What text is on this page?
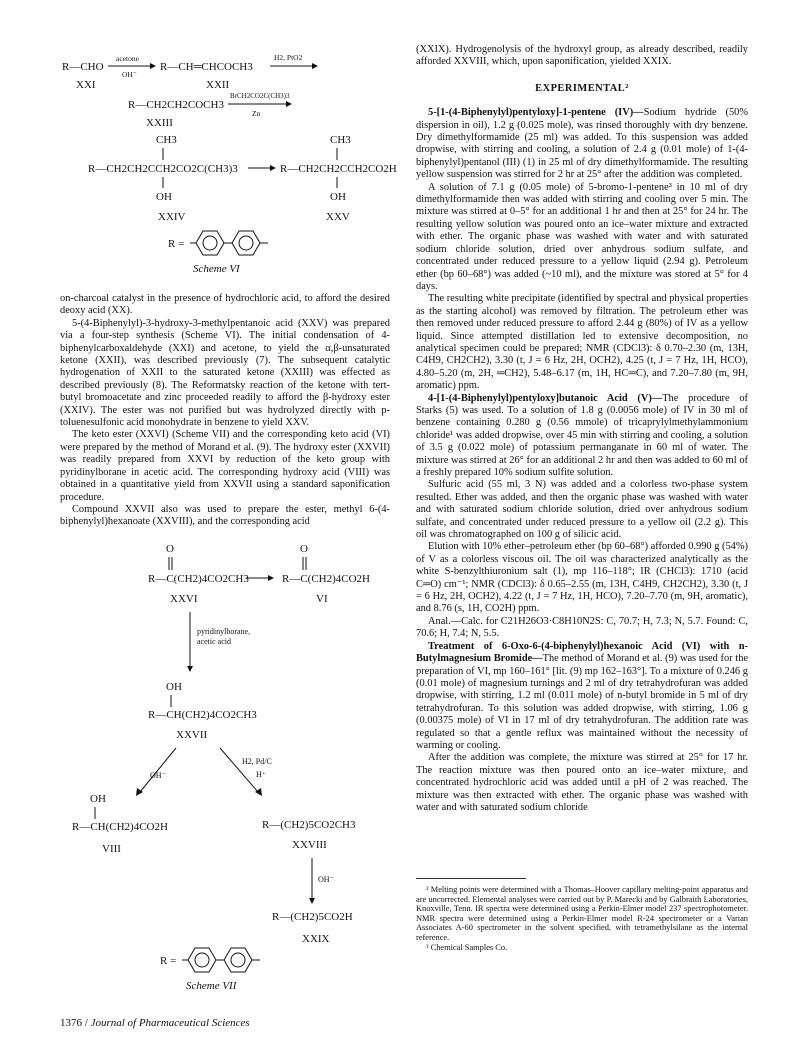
R—CHO
acetone
OH⁻
R—CH═CHCOCH3
H2, PtO2
XXI	XXII
R—CH2CH2COCH3
BrCH2CO2C(CH3)3
Zn
XXIII
CH3
R—CH2CH2CCH2CO2C(CH3)3
OH
CH3
R—CH2CH2CCH2CO2H
OH
XXIV	XXV
R =
Scheme VI

on-charcoal catalyst in the presence of hydrochloric acid, to afford the desired deoxy acid (XX).

5-(4-Biphenylyl)-3-hydroxy-3-methylpentanoic acid (XXV) was prepared via a four-step synthesis (Scheme VI). The initial condensation of 4-biphenylcarboxaldehyde (XXI) and acetone, to yield the α,β-unsaturated ketone (XXII), was described previously (7). The subsequent catalytic hydrogenation of XXII to the saturated ketone (XXIII) was effected as described previously (8). The Reformatsky reaction of the ketone with tert-butyl bromoacetate and zinc proceeded readily to afford the β-hydroxy ester (XXIV). The ester was not purified but was hydrolyzed directly with p-toluenesulfonic acid monohydrate in benzene to yield XXV.

The keto ester (XXVI) (Scheme VII) and the corresponding keto acid (VI) were prepared by the method of Morand et al. (9). The hydroxy ester (XXVII) was readily prepared from XXVI by reduction of the keto group with pyridinylborane in acetic acid. The corresponding hydroxy acid (VIII) was obtained in a quantitative yield from XXVII using a standard saponification procedure.

Compound XXVII also was used to prepare the ester, methyl 6-(4-biphenylyl)hexanoate (XXVIII), and the corresponding acid

O
R—C(CH2)4CO2CH3
O
R—C(CH2)4CO2H
XXVI	VI
pyridinylborane,
acetic acid
OH
R—CH(CH2)4CO2CH3
XXVII
OH⁻
H2, Pd/C
H⁺
OH
R—CH(CH2)4CO2H
VIII
R—(CH2)5CO2CH3
XXVIII
OH⁻
R—(CH2)5CO2H
XXIX
R =
Scheme VII

(XXIX). Hydrogenolysis of the hydroxyl group, as already described, readily afforded XXVIII, which, upon saponification, yielded XXIX.

EXPERIMENTAL²

5-[1-(4-Biphenylyl)pentyloxy]-1-pentene (IV)—Sodium hydride (50% dispersion in oil), 1.2 g (0.025 mole), was rinsed thoroughly with dry benzene. Dry dimethylformamide (25 ml) was added. To this suspension was added dropwise, with stirring and cooling, a solution of 2.4 g (0.01 mole) of 1-(4-biphenylyl)pentanol (III) (1) in 25 ml of dry dimethylformamide. The resulting yellow suspension was stirred for 2 hr at 25° after the addition was completed.

A solution of 7.1 g (0.05 mole) of 5-bromo-1-pentene³ in 10 ml of dry dimethylformamide then was added with stirring and cooling over 5 min. The mixture was stirred at 0–5° for an additional 1 hr and then at 25° for 24 hr. The resulting yellow solution was poured onto an ice–water mixture and extracted with ether. The organic phase was washed with water and with saturated sodium chloride solution, dried over anhydrous sodium sulfate, and concentrated under reduced pressure to a yellow liquid (2.94 g). Petroleum ether (bp 60–68°) was added (~10 ml), and the mixture was stored at 5° for 4 days.

The resulting white precipitate (identified by spectral and physical properties as the starting alcohol) was removed by filtration. The petroleum ether was then removed under reduced pressure to afford 2.44 g (80%) of IV as a yellow liquid. Since attempted distillation led to extensive decomposition, no analytical specimen could be prepared; NMR (CDCl3): δ 0.70–2.30 (m, 13H, C4H9, CH2CH2), 3.30 (t, J = 6 Hz, 2H, OCH2), 4.25 (t, J = 7 Hz, 1H, HCO), 4.80–5.20 (m, 2H, ═CH2), 5.48–6.17 (m, 1H, HC═C), and 7.20–7.80 (m, 9H, aromatic) ppm.

4-[1-(4-Biphenylyl)pentyloxy]butanoic Acid (V)—The procedure of Starks (5) was used. To a solution of 1.8 g (0.0056 mole) of IV in 30 ml of benzene containing 0.280 g (0.56 mmole) of tricaprylylmethylammonium chloride¹ was added dropwise, over 45 min with stirring and cooling, a solution of 3.5 g (0.022 mole) of potassium permanganate in 60 ml of water. The mixture was stirred at 26° for an additional 2 hr and then was added to 60 ml of a freshly prepared 10% sodium sulfite solution.

Sulfuric acid (55 ml, 3 N) was added and a colorless two-phase system resulted. Ether was added, and then the organic phase was washed with water and with saturated sodium chloride solution, dried over anhydrous sodium sulfate, and concentrated under reduced pressure to a yellow oil (2.2 g). This oil was chromatographed on 100 g of silicic acid.

Elution with 10% ether–petroleum ether (bp 60–68°) afforded 0.990 g (54%) of V as a colorless viscous oil. The oil was characterized analytically as the white S-benzylthiuronium salt (1), mp 116–118°; IR (CHCl3): 1710 (acid C═O) cm⁻¹; NMR (CDCl3): δ 0.65–2.55 (m, 13H, C4H9, CH2CH2), 3.30 (t, J = 6 Hz, 2H, OCH2), 4.22 (t, J = 7 Hz, 1H, HCO), 7.20–7.70 (m, 9H, aromatic), and 8.76 (s, 1H, CO2H) ppm.

Anal.—Calc. for C21H26O3·C8H10N2S: C, 70.7; H, 7.3; N, 5.7. Found: C, 70.6; H, 7.4; N, 5.5.

Treatment of 6-Oxo-6-(4-biphenylyl)hexanoic Acid (VI) with n-Butylmagnesium Bromide—The method of Morand et al. (9) was used for the preparation of VI, mp 160–161° [lit. (9) mp 162–163°]. To a mixture of 0.246 g (0.01 mole) of magnesium turnings and 2 ml of dry tetrahydrofuran was added dropwise, with stirring, 1.2 ml (0.011 mole) of n-butyl bromide in 5 ml of dry tetrahydrofuran. To this solution was added dropwise, with stirring, 1.06 g (0.00375 mole) of VI in 17 ml of dry tetrahydrofuran. The addition rate was regulated so that a gentle reflux was maintained without the necessity of warming or cooling.

After the addition was complete, the mixture was stirred at 25° for 17 hr. The reaction mixture was then poured onto an ice–water mixture, and concentrated hydrochloric acid was added until a pH of 2 was reached. The mixture was then extracted with ether. The organic phase was washed with water and with saturated sodium chloride

² Melting points were determined with a Thomas–Hoover capillary melting-point apparatus and are uncorrected. Elemental analyses were carried out by P. Marecki and by Galbraith Laboratories, Knoxville, Tenn. IR spectra were determined using a Perkin-Elmer model 237 spectrophotometer. NMR spectra were determined using a Perkin-Elmer model R-24 spectrometer or a Varian Associates A-60 spectrometer in the solvent specified, with tetramethylsilane as the internal reference.

³ Chemical Samples Co.

1376 / Journal of Pharmaceutical Sciences
